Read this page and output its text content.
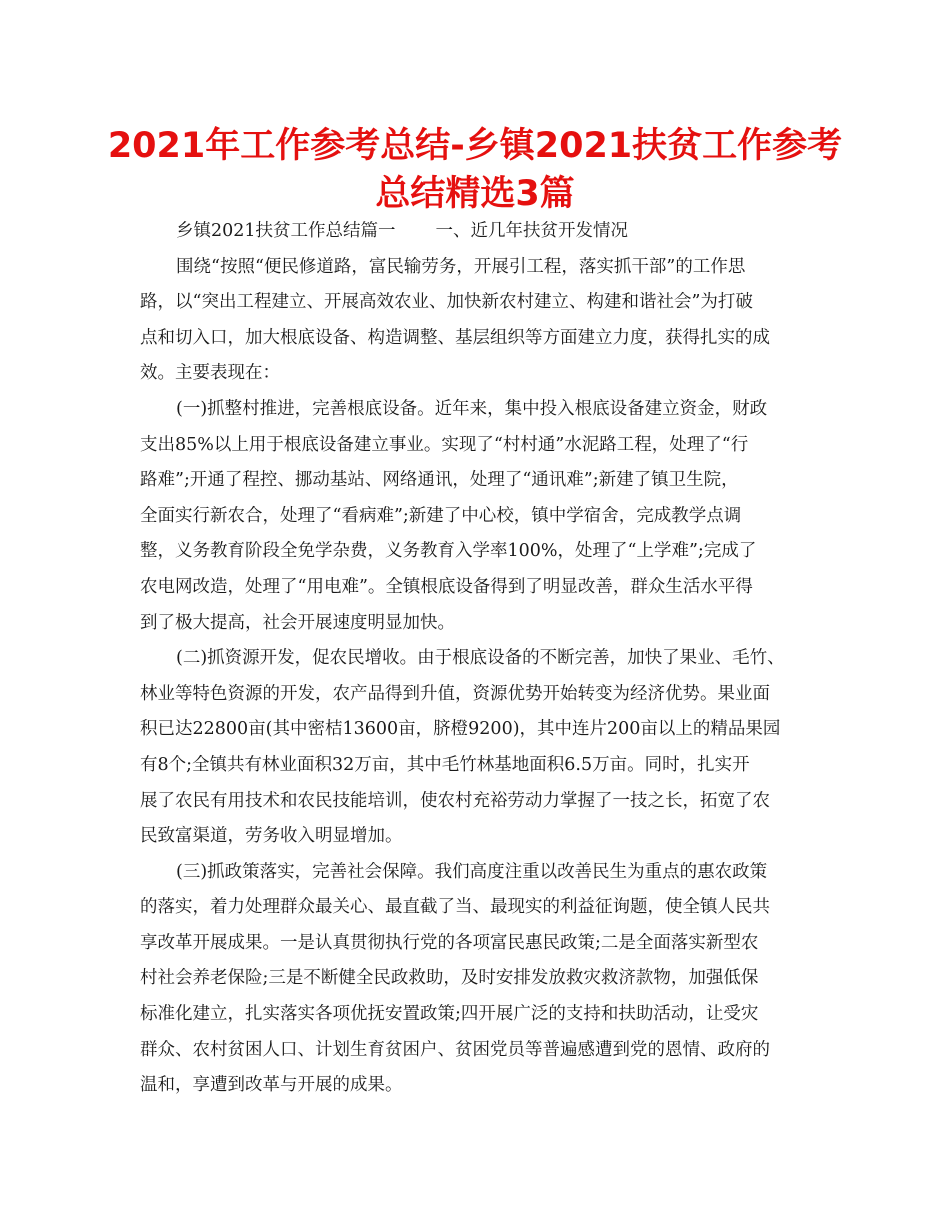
2021年工作参考总结-乡镇2021扶贫工作参考
总结精选3篇

乡镇2021扶贫工作总结篇一 一、近几年扶贫开发情况

围绕“按照“便民修道路，富民输劳务，开展引工程，落实抓干部”的工作思
路，以“突出工程建立、开展高效农业、加快新农村建立、构建和谐社会”为打破
点和切入口，加大根底设备、构造调整、基层组织等方面建立力度，获得扎实的成
效。主要表现在：

(一)抓整村推进，完善根底设备。近年来，集中投入根底设备建立资金，财政
支出85%以上用于根底设备建立事业。实现了“村村通”水泥路工程，处理了“行
路难”;开通了程控、挪动基站、网络通讯，处理了“通讯难”;新建了镇卫生院，
全面实行新农合，处理了“看病难”;新建了中心校，镇中学宿舍，完成教学点调
整，义务教育阶段全免学杂费，义务教育入学率100%，处理了“上学难”;完成了
农电网改造，处理了“用电难”。全镇根底设备得到了明显改善，群众生活水平得
到了极大提高，社会开展速度明显加快。

(二)抓资源开发，促农民增收。由于根底设备的不断完善，加快了果业、毛竹、
林业等特色资源的开发，农产品得到升值，资源优势开始转变为经济优势。果业面
积已达22800亩(其中密桔13600亩，脐橙9200)，其中连片200亩以上的精品果园
有8个;全镇共有林业面积32万亩，其中毛竹林基地面积6.5万亩。同时，扎实开
展了农民有用技术和农民技能培训，使农村充裕劳动力掌握了一技之长，拓宽了农
民致富渠道，劳务收入明显增加。

(三)抓政策落实，完善社会保障。我们高度注重以改善民生为重点的惠农政策
的落实，着力处理群众最关心、最直截了当、最现实的利益征询题，使全镇人民共
享改革开展成果。一是认真贯彻执行党的各项富民惠民政策;二是全面落实新型农
村社会养老保险;三是不断健全民政救助，及时安排发放救灾救济款物，加强低保
标准化建立，扎实落实各项优抚安置政策;四开展广泛的支持和扶助活动，让受灾
群众、农村贫困人口、计划生育贫困户、贫困党员等普遍感遭到党的恩情、政府的
温和，享遭到改革与开展的成果。
